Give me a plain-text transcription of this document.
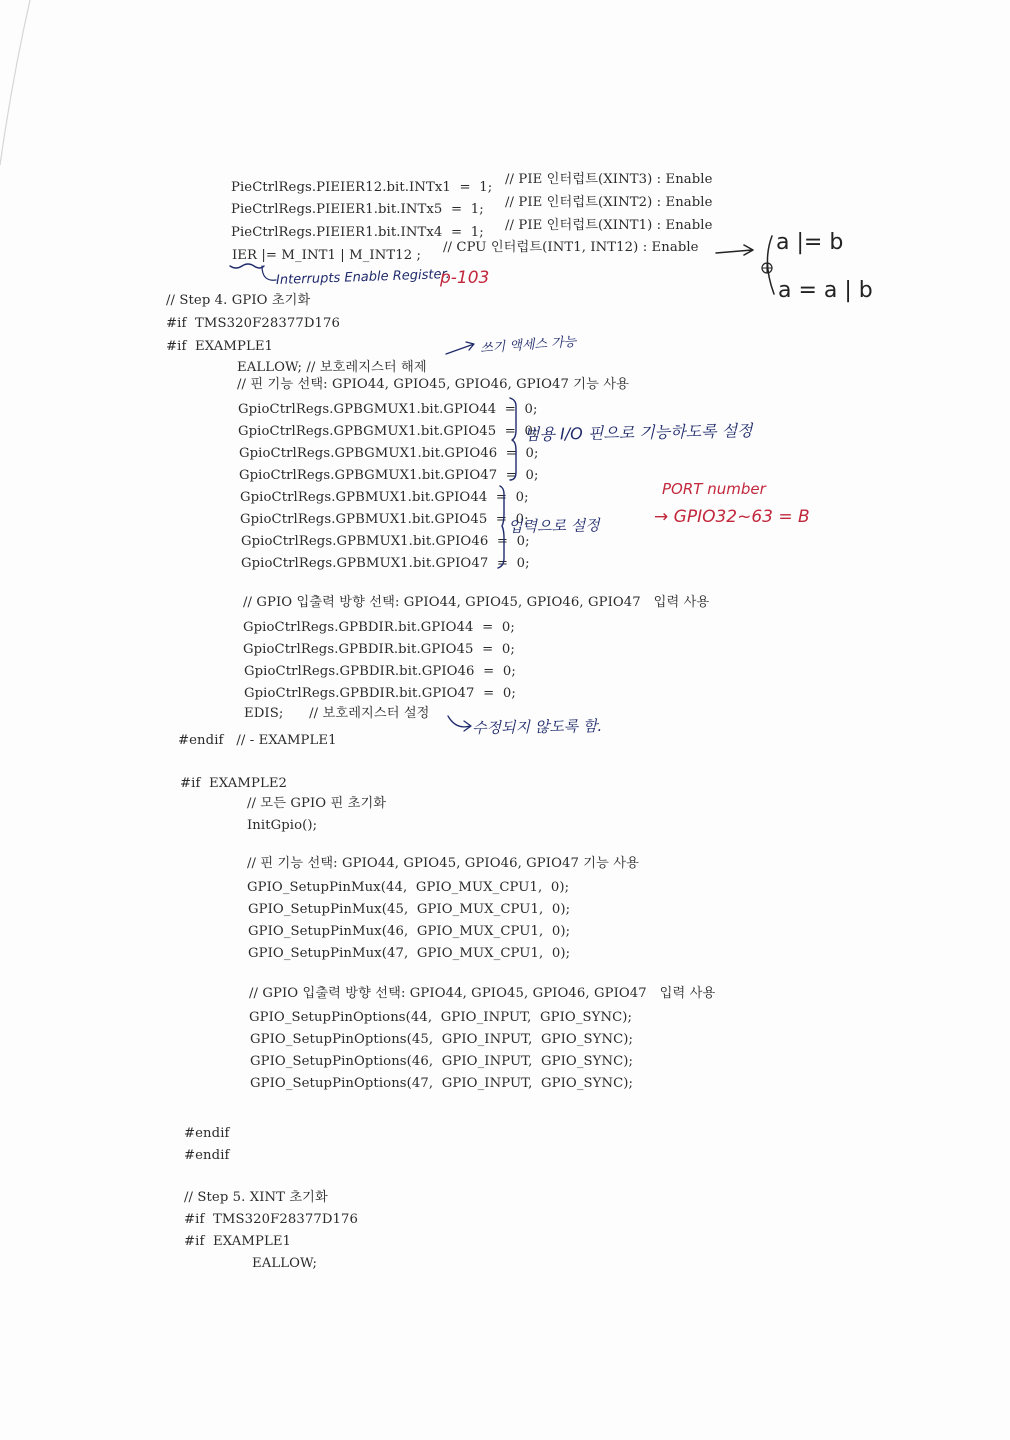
PieCtrlRegs.PIEIER12.bit.INTx1  =  1;
// PIE 인터럽트(XINT3) : Enable
PieCtrlRegs.PIEIER1.bit.INTx5  =  1; // PIE 인터럽트(XINT2) : Enable
PieCtrlRegs.PIEIER1.bit.INTx4  =  1; // PIE 인터럽트(XINT1) : Enable
IER |= M_INT1 | M_INT12 ;
// CPU 인터럽트(INT1, INT12) : Enable
// Step 4. GPIO 초기화
#if  TMS320F28377D176
#if  EXAMPLE1
EALLOW; // 보호레지스터 해제
// 핀 기능 선택: GPIO44, GPIO45, GPIO46, GPIO47 기능 사용
GpioCtrlRegs.GPBGMUX1.bit.GPIO44  =  0;
GpioCtrlRegs.GPBGMUX1.bit.GPIO45  =  0;
GpioCtrlRegs.GPBGMUX1.bit.GPIO46  =  0;
GpioCtrlRegs.GPBGMUX1.bit.GPIO47  =  0;
GpioCtrlRegs.GPBMUX1.bit.GPIO44  =  0;
GpioCtrlRegs.GPBMUX1.bit.GPIO45  =  0;
GpioCtrlRegs.GPBMUX1.bit.GPIO46  =  0;
GpioCtrlRegs.GPBMUX1.bit.GPIO47  =  0;
// GPIO 입출력 방향 선택: GPIO44, GPIO45, GPIO46, GPIO47   입력 사용
GpioCtrlRegs.GPBDIR.bit.GPIO44  =  0;
GpioCtrlRegs.GPBDIR.bit.GPIO45  =  0;
GpioCtrlRegs.GPBDIR.bit.GPIO46  =  0;
GpioCtrlRegs.GPBDIR.bit.GPIO47  =  0;
EDIS;      // 보호레지스터 설정
#endif   // - EXAMPLE1
#if  EXAMPLE2
// 모든 GPIO 핀 초기화
InitGpio();
// 핀 기능 선택: GPIO44, GPIO45, GPIO46, GPIO47 기능 사용
GPIO_SetupPinMux(44,  GPIO_MUX_CPU1,  0);
GPIO_SetupPinMux(45,  GPIO_MUX_CPU1,  0);
GPIO_SetupPinMux(46,  GPIO_MUX_CPU1,  0);
GPIO_SetupPinMux(47,  GPIO_MUX_CPU1,  0);
// GPIO 입출력 방향 선택: GPIO44, GPIO45, GPIO46, GPIO47   입력 사용
GPIO_SetupPinOptions(44,  GPIO_INPUT,  GPIO_SYNC);
GPIO_SetupPinOptions(45,  GPIO_INPUT,  GPIO_SYNC);
GPIO_SetupPinOptions(46,  GPIO_INPUT,  GPIO_SYNC);
GPIO_SetupPinOptions(47,  GPIO_INPUT,  GPIO_SYNC);
#endif
#endif
// Step 5. XINT 초기화
#if  TMS320F28377D176
#if  EXAMPLE1
EALLOW;
Interrupts Enable Register.
p-103
a |= b
a = a | b
쓰기 액세스 가능
범용 I/O 핀으로 기능하도록 설정
입력으로 설정
PORT number
→ GPIO32~63 = B
수정되지 않도록 함.
